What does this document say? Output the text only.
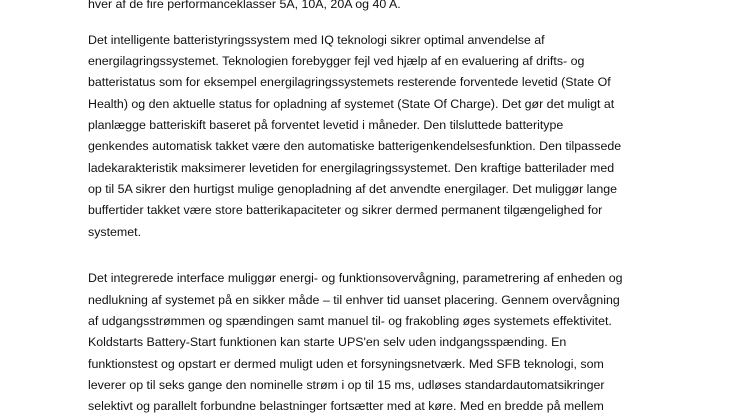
hver af de fire performanceklasser 5A, 10A, 20A og 40 A.
Det intelligente batteristyringssystem med IQ teknologi sikrer optimal anvendelse af
energilagringssystemet. Teknologien forebygger fejl ved hjælp af en evaluering af drifts- og
batteristatus som for eksempel energilagringssystemets resterende forventede levetid (State Of
Health) og den aktuelle status for opladning af systemet (State Of Charge). Det gør det muligt at
planlægge batteriskift baseret på forventet levetid i måneder. Den tilsluttede batteritype
genkendes automatisk takket være den automatiske batterigenkendelsesfunktion. Den tilpassede
ladekarakteristik maksimerer levetiden for energilagringssystemet. Den kraftige batterilader med
op til 5A sikrer den hurtigst mulige genopladning af det anvendte energilager. Det muliggør lange
buffertider takket være store batterikapaciteter og sikrer dermed permanent tilgængelighed for
systemet.
Det integrerede interface muliggør energi- og funktionsovervågning, parametrering af enheden og
nedlukning af systemet på en sikker måde – til enhver tid uanset placering. Gennem overvågning
af udgangsstrømmen og spændingen samt manuel til- og frakobling øges systemets effektivitet.
Koldstarts Battery-Start funktionen kan starte UPS'en selv uden indgangsspænding. En
funktionstest og opstart er dermed muligt uden et forsyningsnetværk. Med SFB teknologi, som
leverer op til seks gange den nominelle strøm i op til 15 ms, udløses standardautomatsikringer
selektivt og parallelt forbundne belastninger fortsætter med at køre. Med en bredde på mellem
